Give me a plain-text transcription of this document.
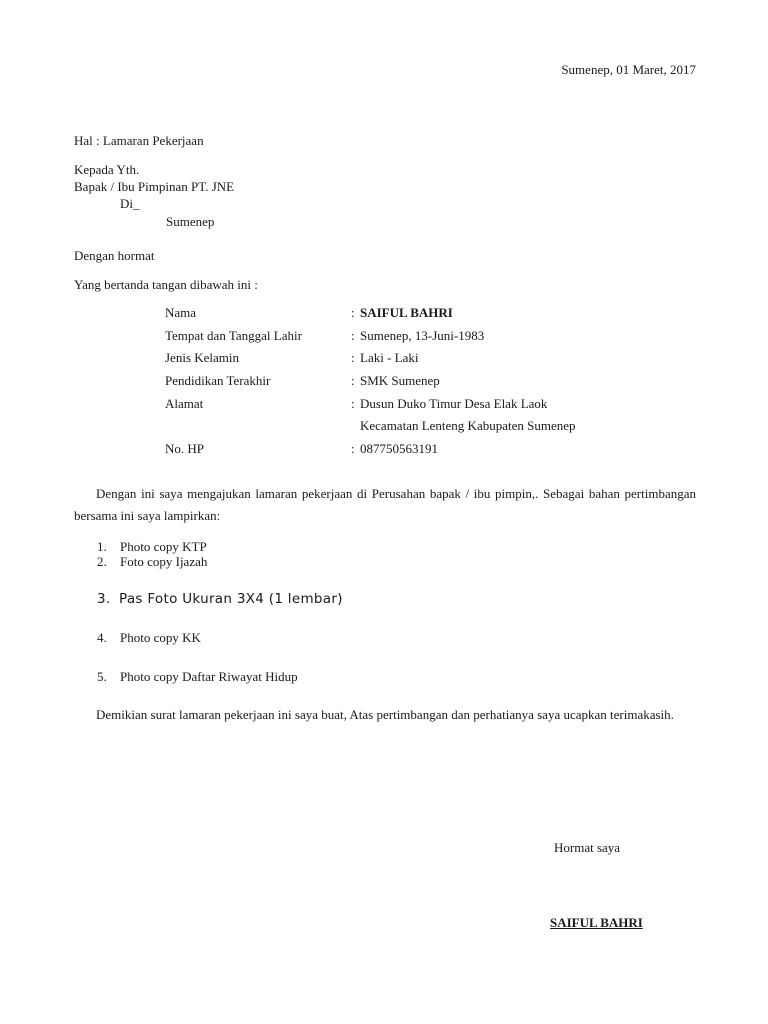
Sumenep, 01 Maret, 2017
Hal : Lamaran Pekerjaan
Kepada Yth.
Bapak / Ibu Pimpinan PT. JNE
Di_
Sumenep
Dengan hormat
Yang bertanda tangan dibawah ini :
Nama	: SAIFUL BAHRI
Tempat dan Tanggal Lahir	: Sumenep, 13-Juni-1983
Jenis Kelamin	: Laki - Laki
Pendidikan Terakhir	: SMK Sumenep
Alamat	: Dusun Duko Timur Desa Elak Laok
Kecamatan Lenteng Kabupaten Sumenep
No. HP	: 087750563191
Dengan ini saya mengajukan lamaran pekerjaan di Perusahan bapak / ibu pimpin,. Sebagai bahan pertimbangan bersama ini saya lampirkan:
1. Photo copy KTP
2. Foto copy Ijazah
3. Pas Foto Ukuran 3X4 (1 lembar)
4. Photo copy KK
5. Photo copy Daftar Riwayat Hidup
Demikian surat lamaran pekerjaan ini saya buat, Atas pertimbangan dan perhatianya saya ucapkan terimakasih.
Hormat saya
SAIFUL BAHRI
